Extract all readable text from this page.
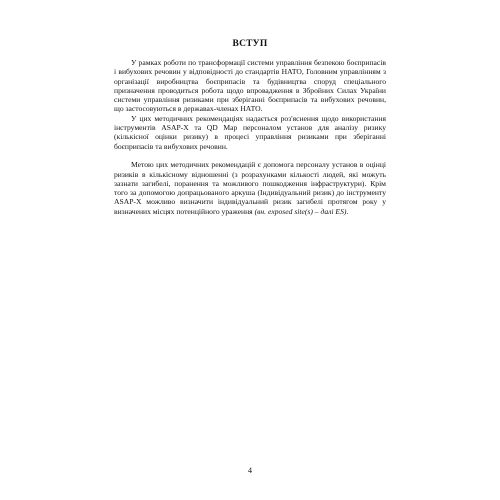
ВСТУП

У рамках роботи по трансформації системи управління безпекою боєприпасів і вибухових речовин у відповідності до стандартів НАТО, Головним управлінням з організації виробництва боєприпасів та будівництва споруд спеціального призначення проводиться робота щодо впровадження в Збройних Силах України системи управління ризиками при зберіганні боєприпасів та вибухових речовин, що застосовуються в державах-членах НАТО.

У цих методичних рекомендаціях надається роз'яснення щодо використання інструментів ASAP-X та QD Map персоналом установ для аналізу ризику (кількісної оцінки ризику) в процесі управління ризиками при зберіганні боєприпасів та вибухових речовин.

Метою цих методичних рекомендацій є допомога персоналу установ в оцінці ризиків в кількісному відношенні (з розрахунками кількості людей, які можуть зазнати загибелі, поранення та можливого пошкодження інфраструктури). Крім того за допомогою допрацьованого аркуша (Індивідуальний ризик) до інструменту ASAP-X можливо визначити індивідуальний ризик загибелі протягом року у визначених місцях потенційного ураження (вн. exposed site(s) – далі ES).

4
